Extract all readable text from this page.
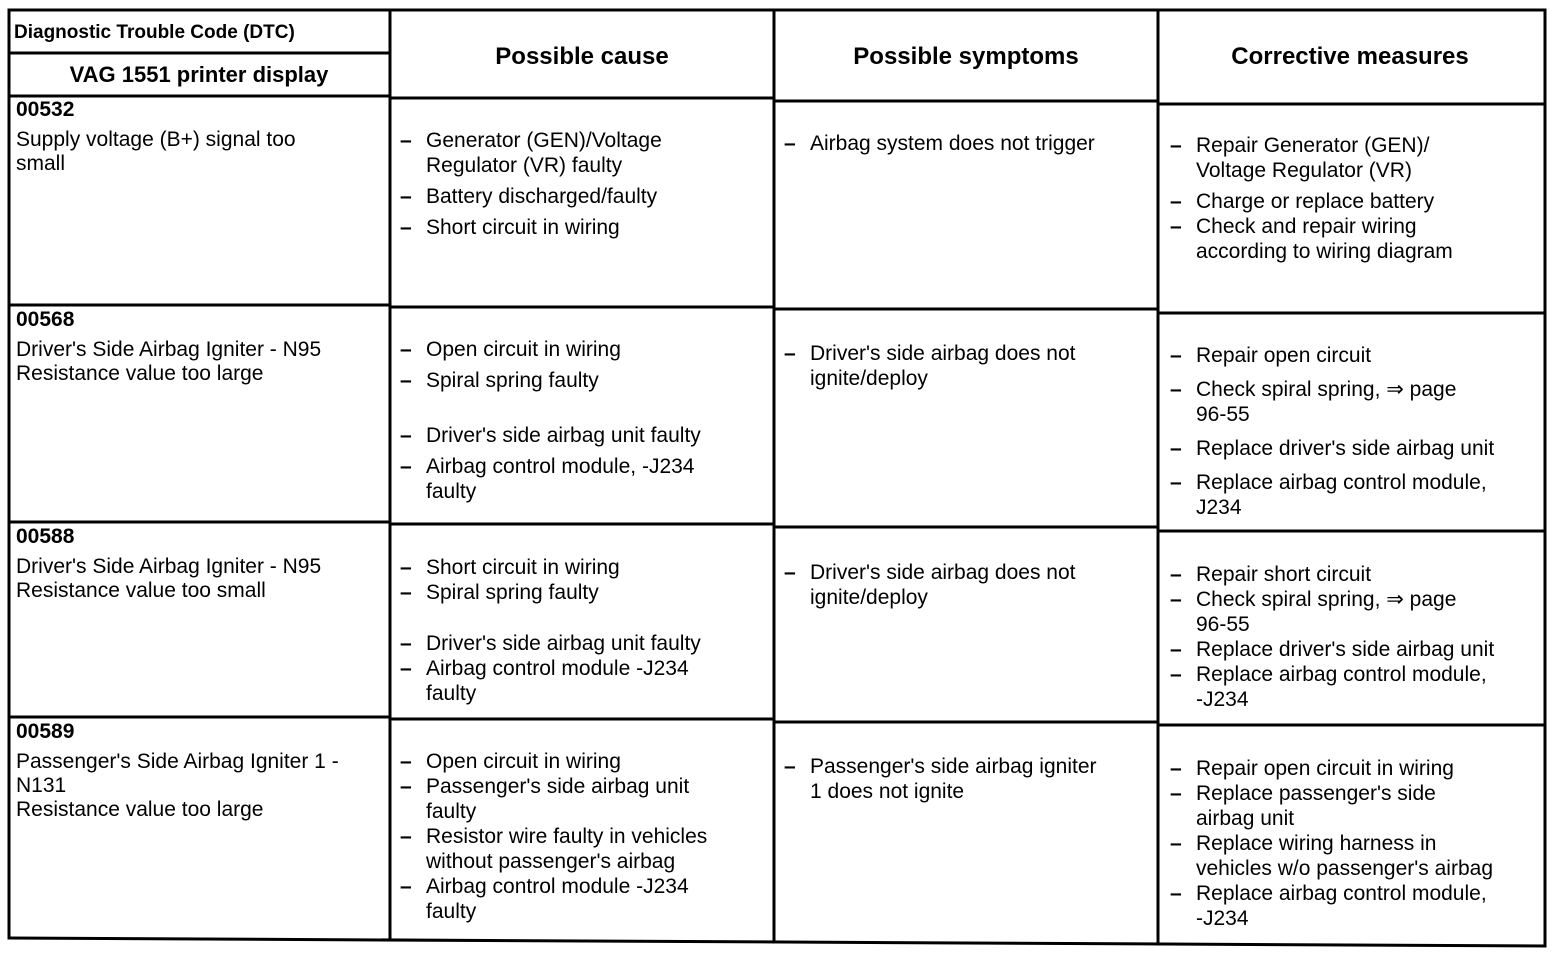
Diagnostic Trouble Code (DTC)
VAG 1551 printer display
Possible cause	Possible symptoms	Corrective measures
00532
Supply voltage (B+) signal too
small
– Generator (GEN)/Voltage
Regulator (VR) faulty
– Battery discharged/faulty
– Short circuit in wiring
– Airbag system does not trigger
–	Repair Generator (GEN)/
Voltage Regulator (VR)
– Charge or replace battery
– Check and repair wiring
according to wiring diagram
00568
Driver's Side Airbag Igniter - N95
Resistance value too large
– Open circuit in wiring
– Spiral spring faulty
– Driver's side airbag unit faulty
– Airbag control module, -J234
faulty
– Driver's side airbag does not
ignite/deploy
– Repair open circuit
– Check spiral spring, ⇒ page
96-55
– Replace driver's side airbag unit
– Replace airbag control module,
J234
00588
Driver's Side Airbag Igniter - N95
Resistance value too small
– Short circuit in wiring
– Spiral spring faulty
– Driver's side airbag unit faulty
– Airbag control module -J234
faulty
– Driver's side airbag does not
ignite/deploy
– Repair short circuit
– Check spiral spring, ⇒ page
96-55
– Replace driver's side airbag unit
– Replace airbag control module,
-J234
00589
Passenger's Side Airbag Igniter 1 -
N131
Resistance value too large
– Open circuit in wiring
– Passenger's side airbag unit
faulty
– Resistor wire faulty in vehicles
without passenger's airbag
– Airbag control module -J234
faulty
– Passenger's side airbag igniter
1 does not ignite
– Repair open circuit in wiring
– Replace passenger's side
airbag unit
– Replace wiring harness in
vehicles w/o passenger's airbag
– Replace airbag control module,
-J234
